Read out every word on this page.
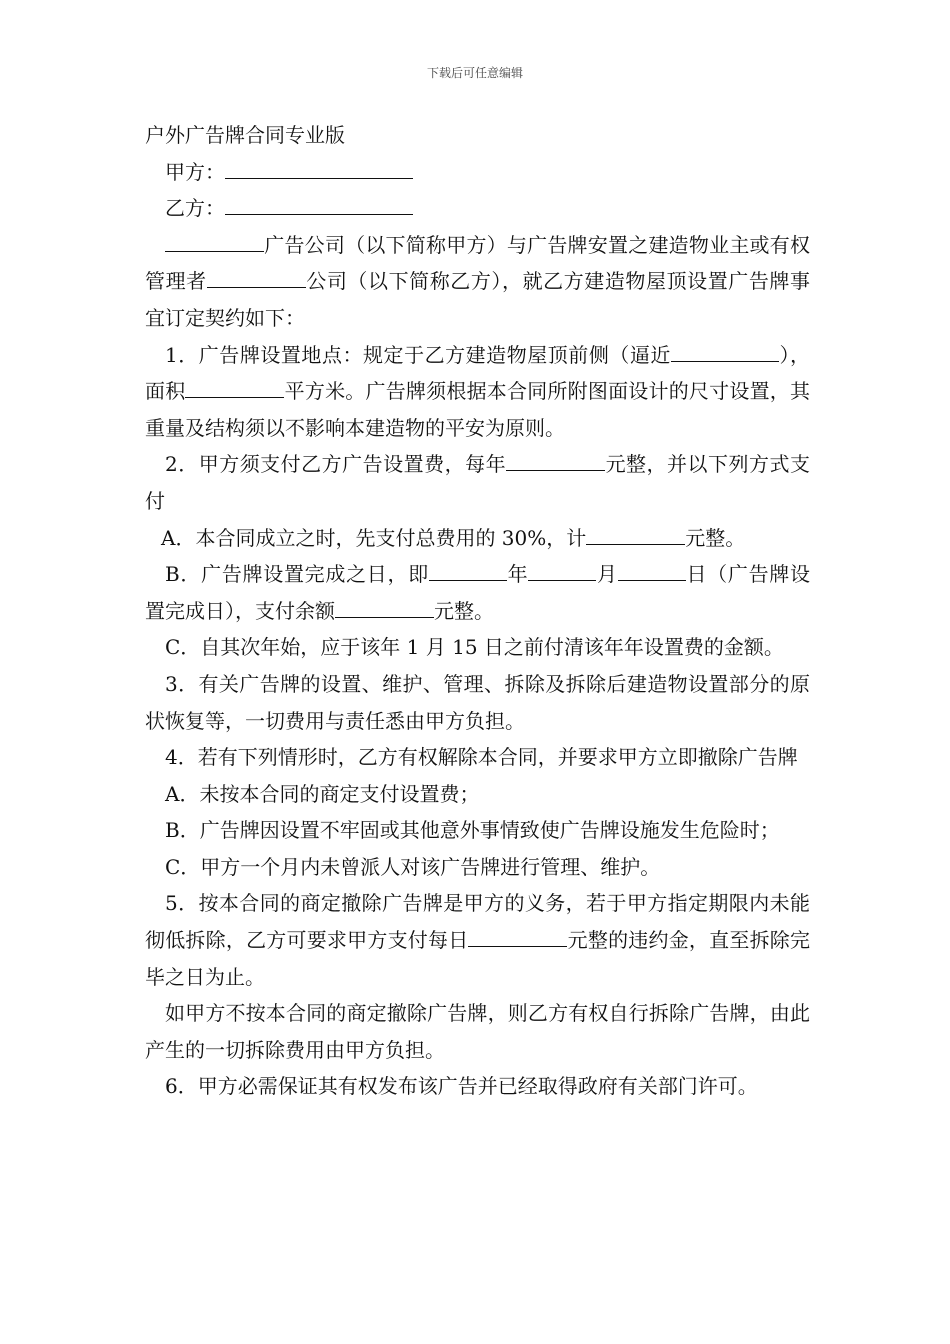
下载后可任意编辑

户外广告牌合同专业版

甲方：

乙方：

广告公司（以下简称甲方）与广告牌安置之建造物业主或有权管理者	公司（以下简称乙方），就乙方建造物屋顶设置广告牌事宜订定契约如下：

1．广告牌设置地点：规定于乙方建造物屋顶前侧（逼近	），面积	平方米。广告牌须根据本合同所附图面设计的尺寸设置，其重量及结构须以不影响本建造物的平安为原则。

2．甲方须支付乙方广告设置费，每年	元整，并以下列方式支付

A．本合同成立之时，先支付总费用的 30%，计	元整。

B．广告牌设置完成之日，即	年	月	日（广告牌设置完成日），支付余额	元整。

C．自其次年始，应于该年 1 月 15 日之前付清该年年设置费的金额。

3．有关广告牌的设置、维护、管理、拆除及拆除后建造物设置部分的原状恢复等，一切费用与责任悉由甲方负担。

4．若有下列情形时，乙方有权解除本合同，并要求甲方立即撤除广告牌

A．未按本合同的商定支付设置费；

B．广告牌因设置不牢固或其他意外事情致使广告牌设施发生危险时；

C．甲方一个月内未曾派人对该广告牌进行管理、维护。

5．按本合同的商定撤除广告牌是甲方的义务，若于甲方指定期限内未能彻低拆除，乙方可要求甲方支付每日	元整的违约金，直至拆除完毕之日为止。

如甲方不按本合同的商定撤除广告牌，则乙方有权自行拆除广告牌，由此产生的一切拆除费用由甲方负担。

6．甲方必需保证其有权发布该广告并已经取得政府有关部门许可。
